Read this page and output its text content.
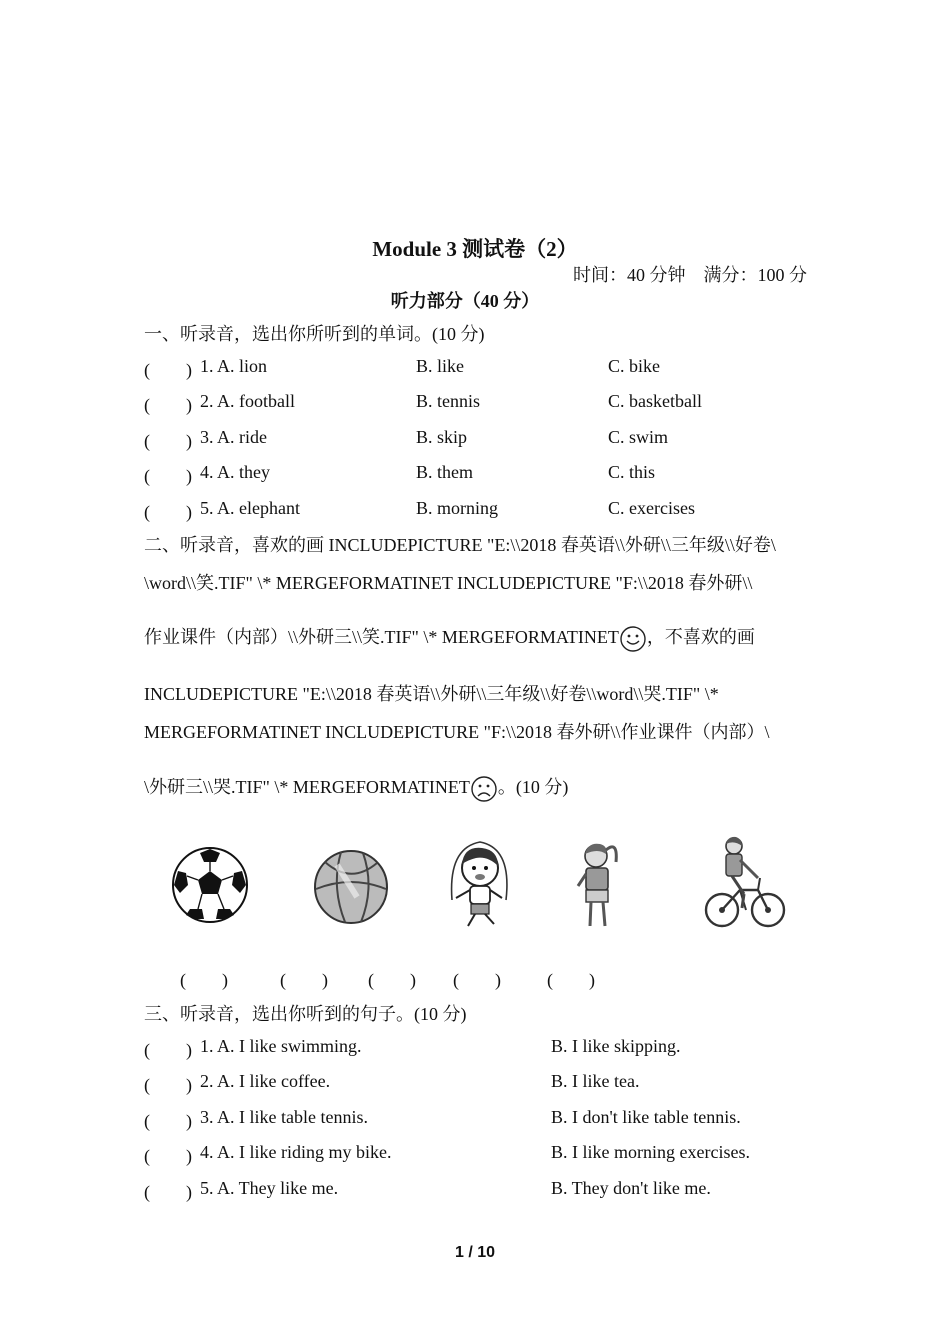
Module 3 测试卷（2）
时间：40 分钟　满分：100 分
听力部分（40 分）
一、听录音，选出你所听到的单词。(10 分)
(　　) 1. A. lion	B. like	C. bike
(　　) 2. A. football	B. tennis	C. basketball
(　　) 3. A. ride	B. skip	C. swim
(　　) 4. A. they	B. them	C. this
(　　) 5. A. elephant	B. morning	C. exercises
二、听录音，喜欢的画 INCLUDEPICTURE "E:\\2018 春英语\\外研\\三年级\\好卷\
\word\\笑.TIF" \* MERGEFORMATINET INCLUDEPICTURE "F:\\2018 春外研\\
作业课件（内部）\\外研三\\笑.TIF" \* MERGEFORMATINET ，不喜欢的画
INCLUDEPICTURE "E:\\2018 春英语\\外研\\三年级\\好卷\\word\\哭.TIF" \*
MERGEFORMATINET INCLUDEPICTURE "F:\\2018 春外研\\作业课件（内部）\
\外研三\\哭.TIF" \* MERGEFORMATINET 。(10 分)
(　　)	(　　) (　　) (　　)	(　　)
三、听录音，选出你听到的句子。(10 分)
(　　) 1. A. I like swimming.	B. I like skipping.
(　　) 2. A. I like coffee.	B. I like tea.
(　　) 3. A. I like table tennis.	B. I don't like table tennis.
(　　) 4. A. I like riding my bike.	B. I like morning exercises.
(　　) 5. A. They like me.	B. They don't like me.
1 / 10
